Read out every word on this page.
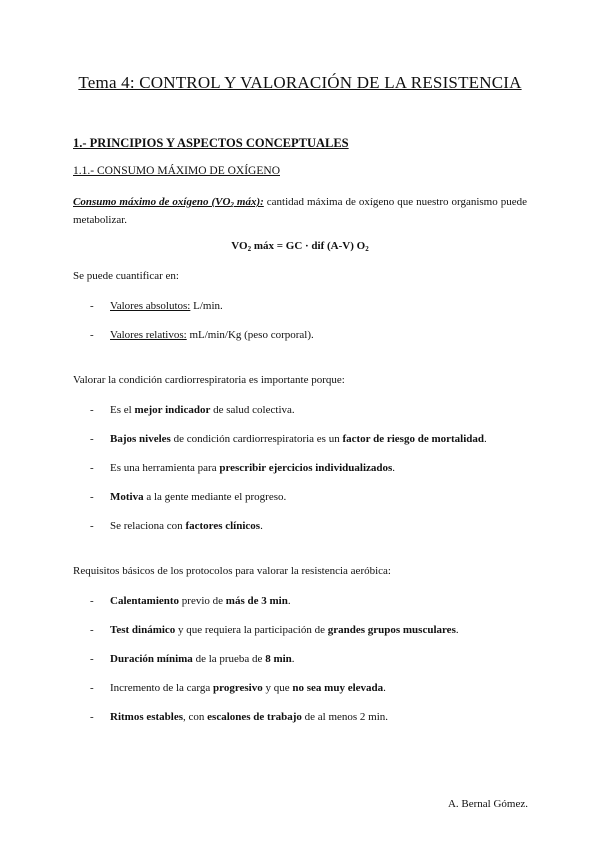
Tema 4: CONTROL Y VALORACIÓN DE LA RESISTENCIA
1.- PRINCIPIOS Y ASPECTOS CONCEPTUALES
1.1.- CONSUMO MÁXIMO DE OXÍGENO
Consumo máximo de oxígeno ($VO_2$ máx): cantidad máxima de oxígeno que nuestro organismo puede metabolizar.
$VO_2$ máx = GC · dif (A-V) $O_2$
Se puede cuantificar en:
- Valores absolutos: L/min.
- Valores relativos: mL/min/Kg (peso corporal).
Valorar la condición cardiorrespiratoria es importante porque:
- Es el mejor indicador de salud colectiva.
- Bajos niveles de condición cardiorrespiratoria es un factor de riesgo de mortalidad.
- Es una herramienta para prescribir ejercicios individualizados.
- Motiva a la gente mediante el progreso.
- Se relaciona con factores clínicos.
Requisitos básicos de los protocolos para valorar la resistencia aeróbica:
- Calentamiento previo de más de 3 min.
- Test dinámico y que requiera la participación de grandes grupos musculares.
- Duración mínima de la prueba de 8 min.
- Incremento de la carga progresivo y que no sea muy elevada.
- Ritmos estables, con escalones de trabajo de al menos 2 min.
A. Bernal Gómez.
